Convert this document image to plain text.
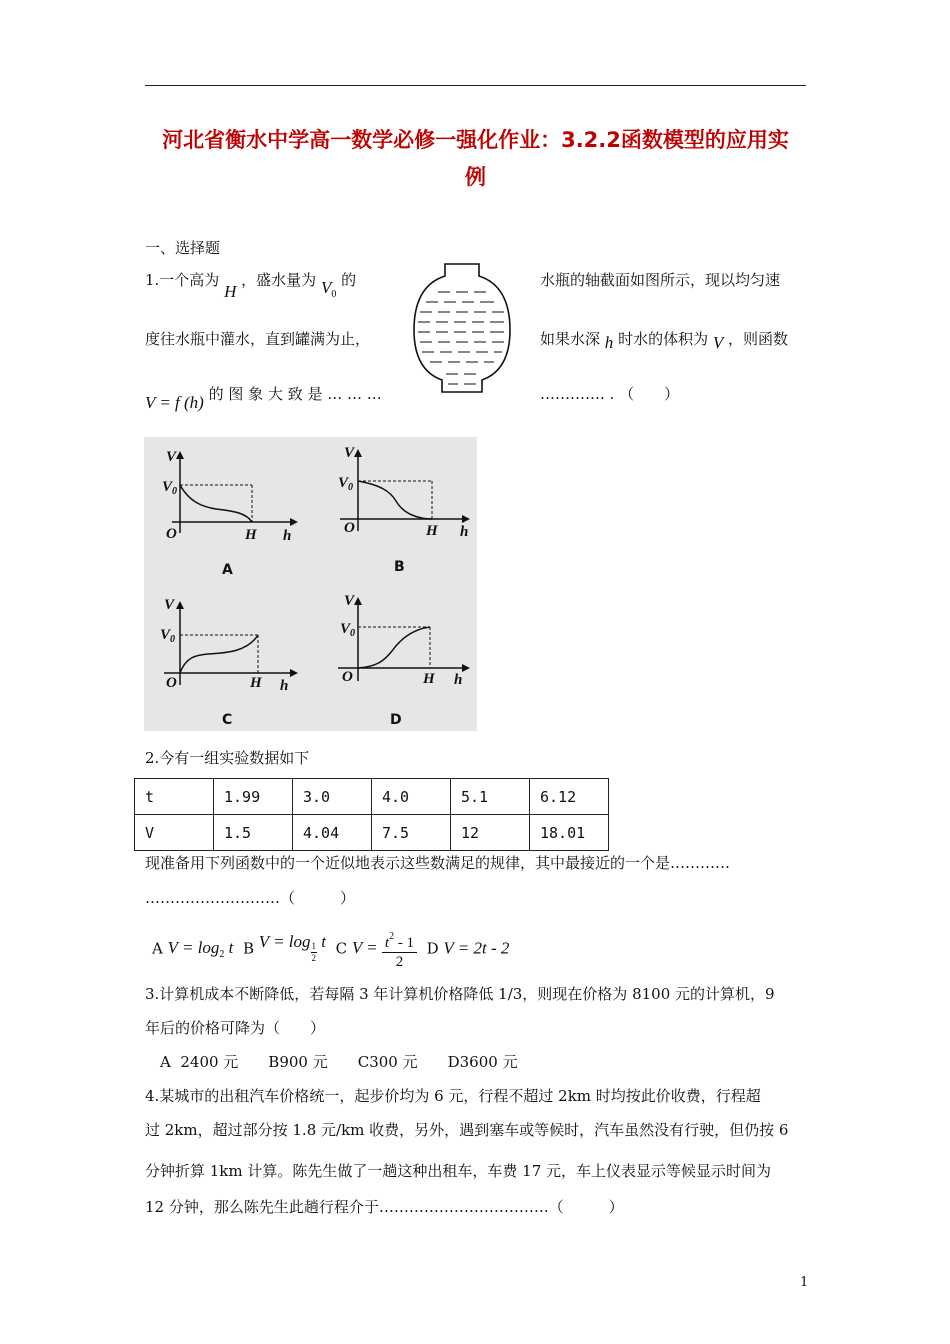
河北省衡水中学高一数学必修一强化作业：3.2.2函数模型的应用实
例
一、选择题
1.一个高为 H ，盛水量为 $V_0$ 的	水瓶的轴截面如图所示，现以均匀速
度往水瓶中灌水，直到罐满为止，	如果水深 h 时水的体积为 V ，则函数
V = f (h) 的 图 象 大 致 是 … … …	…………. . （　　）
V
$V_0$
O	H h
A
V
$V_0$
O	H h
B
V
$V_0$
O	H h
C
V
$V_0$
O	H h
D
2.今有一组实验数据如下
t	1.99	3.0	4.0	5.1	6.12
V	1.5	4.04	7.5	12	18.01
现准备用下列函数中的一个近似地表示这些数满足的规律，其中最接近的一个是…………
………………………（　　　）
A $V = \log_2 t$ B $V = \log \frac{1}{2}$ t C $V = \frac{t^2 - 1}{2}$ D V = 2t - 2
3.计算机成本不断降低，若每隔 3 年计算机价格降低 1/3，则现在价格为 8100 元的计算机，9
年后的价格可降为（　　）
A  2400 元　　B900 元　　C300 元　　D3600 元
4.某城市的出租汽车价格统一，起步价均为 6 元，行程不超过 2km 时均按此价收费，行程超
过 2km，超过部分按 1.8 元/km 收费，另外，遇到塞车或等候时，汽车虽然没有行驶，但仍按 6
分钟折算 1km 计算。陈先生做了一趟这种出租车，车费 17 元，车上仪表显示等候显示时间为
12 分钟，那么陈先生此趟行程介于…………………………….（　　　）
1
